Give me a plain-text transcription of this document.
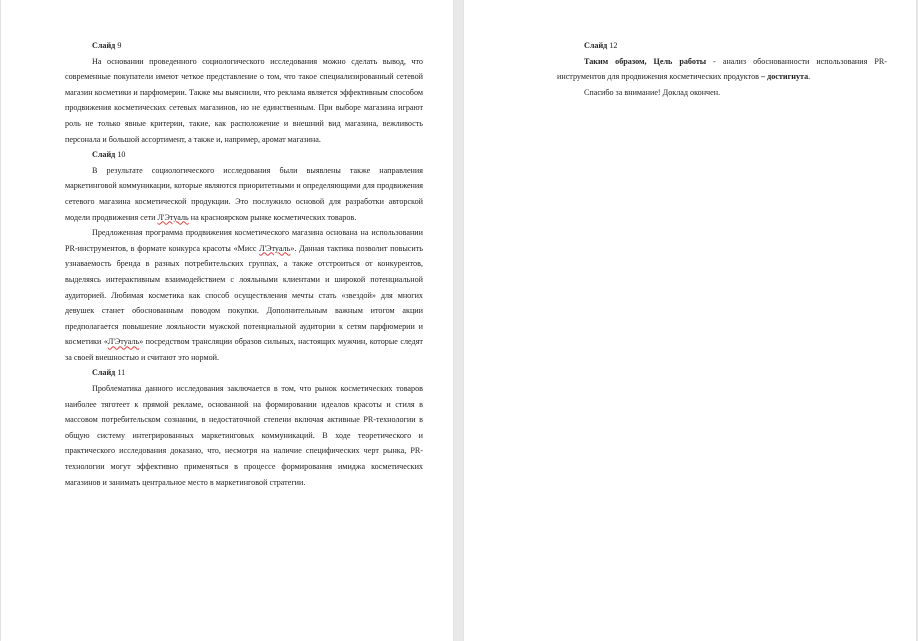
Слайд 9

На основании проведенного социологического исследования можно сделать вывод, что современные покупатели имеют четкое представление о том, что такое специализированный сетевой магазин косметики и парфюмерии. Также мы выяснили, что реклама является эффективным способом продвижения косметических сетевых магазинов, но не единственным. При выборе магазина играют роль не только явные критерии, такие, как расположение и внешний вид магазина, вежливость персонала и большой ассортимент, а также и, например, аромат магазина.

Слайд 10

В результате социологического исследования были выявлены также направления маркетинговой коммуникации, которые являются приоритетными и определяющими для продвижения сетевого магазина косметической продукции. Это послужило основой для разработки авторской модели продвижения сети Л'Этуаль на красноярском рынке косметических товаров.

Предложенная программа продвижения косметического магазина основана на использовании PR-инструментов, в формате конкурса красоты «Мисс Л'Этуаль». Данная тактика позволит повысить узнаваемость бренда в разных потребительских группах, а также отстроиться от конкурентов, выделяясь интерактивным взаимодействием с лояльными клиентами и широкой потенциальной аудиторией. Любимая косметика как способ осуществления мечты стать «звездой» для многих девушек станет обоснованным поводом покупки. Дополнительным важным итогом акции предполагается повышение лояльности мужской потенциальной аудитории к сетям парфюмерии и косметики «Л'Этуаль» посредством трансляции образов сильных, настоящих мужчин, которые следят за своей внешностью и считают это нормой.

Слайд 11

Проблематика данного исследования заключается в том, что рынок косметических товаров наиболее тяготеет к прямой рекламе, основанной на формировании идеалов красоты и стиля в массовом потребительском сознании, в недостаточной степени включая активные PR-технологии в общую систему интегрированных маркетинговых коммуникаций. В ходе теоретического и практического исследования доказано, что, несмотря на наличие специфических черт рынка, PR-технологии могут эффективно применяться в процессе формирования имиджа косметических магазинов и занимать центральное место в маркетинговой стратегии.

Слайд 12

Таким образом, Цель работы - анализ обоснованности использования PR-инструментов для продвижения косметических продуктов – достигнута.

Спасибо за внимание! Доклад окончен.
